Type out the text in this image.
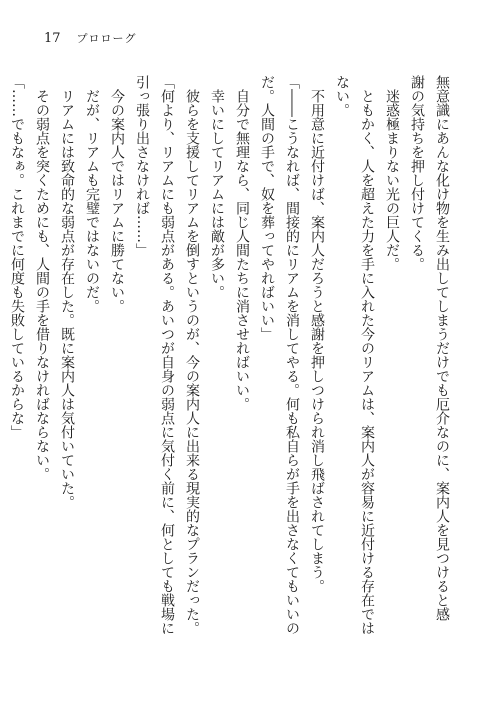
17 プロローグ
無意識にあんな化け物を生み出してしまうだけでも厄介なのに、案内人を見つけると感
謝の気持ちを押し付けてくる。
迷惑極まりない光の巨人だ。
ともかく、人を超えた力を手に入れた今のリアムは、案内人が容易に近付ける存在では
ない。
不用意に近付けば、案内人だろうと感謝を押しつけられ消し飛ばされてしまう。
「――こうなれば、間接的にリアムを消してやる。何も私自らが手を出さなくてもいいの
だ。人間の手で、奴を葬ってやればいい」
自分で無理なら、同じ人間たちに消させればいい。
幸いにしてリアムには敵が多い。
彼らを支援してリアムを倒すというのが、今の案内人に出来る現実的なプランだった。
「何より、リアムにも弱点がある。あいつが自身の弱点に気付く前に、何としても戦場に
引っ張り出さなければ……」
今の案内人ではリアムに勝てない。
だが、リアムも完璧ではないのだ。
リアムには致命的な弱点が存在した。既に案内人は気付いていた。
その弱点を突くためにも、人間の手を借りなければならない。
「……でもなぁ。これまでに何度も失敗しているからな」
